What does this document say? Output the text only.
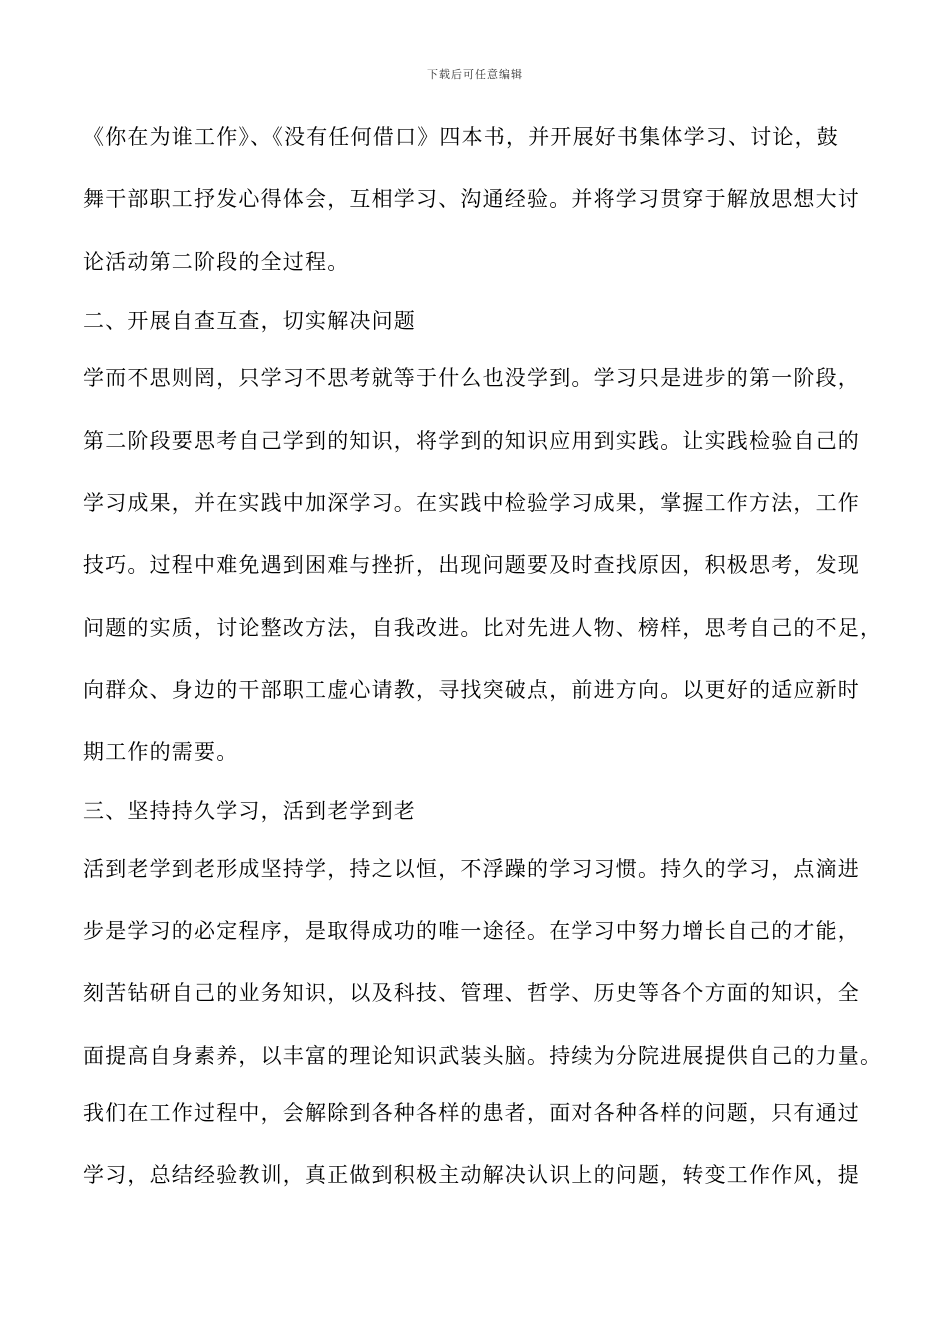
下载后可任意编辑
《你在为谁工作》、《没有任何借口》四本书，并开展好书集体学习、讨论，鼓
舞干部职工抒发心得体会，互相学习、沟通经验。并将学习贯穿于解放思想大讨
论活动第二阶段的全过程。
二、开展自查互查，切实解决问题
学而不思则罔，只学习不思考就等于什么也没学到。学习只是进步的第一阶段，
第二阶段要思考自己学到的知识，将学到的知识应用到实践。让实践检验自己的
学习成果，并在实践中加深学习。在实践中检验学习成果，掌握工作方法，工作
技巧。过程中难免遇到困难与挫折，出现问题要及时查找原因，积极思考，发现
问题的实质，讨论整改方法，自我改进。比对先进人物、榜样，思考自己的不足，
向群众、身边的干部职工虚心请教，寻找突破点，前进方向。以更好的适应新时
期工作的需要。
三、坚持持久学习，活到老学到老
活到老学到老形成坚持学，持之以恒，不浮躁的学习习惯。持久的学习，点滴进
步是学习的必定程序，是取得成功的唯一途径。在学习中努力增长自己的才能，
刻苦钻研自己的业务知识，以及科技、管理、哲学、历史等各个方面的知识，全
面提高自身素养，以丰富的理论知识武装头脑。持续为分院进展提供自己的力量。
我们在工作过程中，会解除到各种各样的患者，面对各种各样的问题，只有通过
学习，总结经验教训，真正做到积极主动解决认识上的问题，转变工作作风，提
